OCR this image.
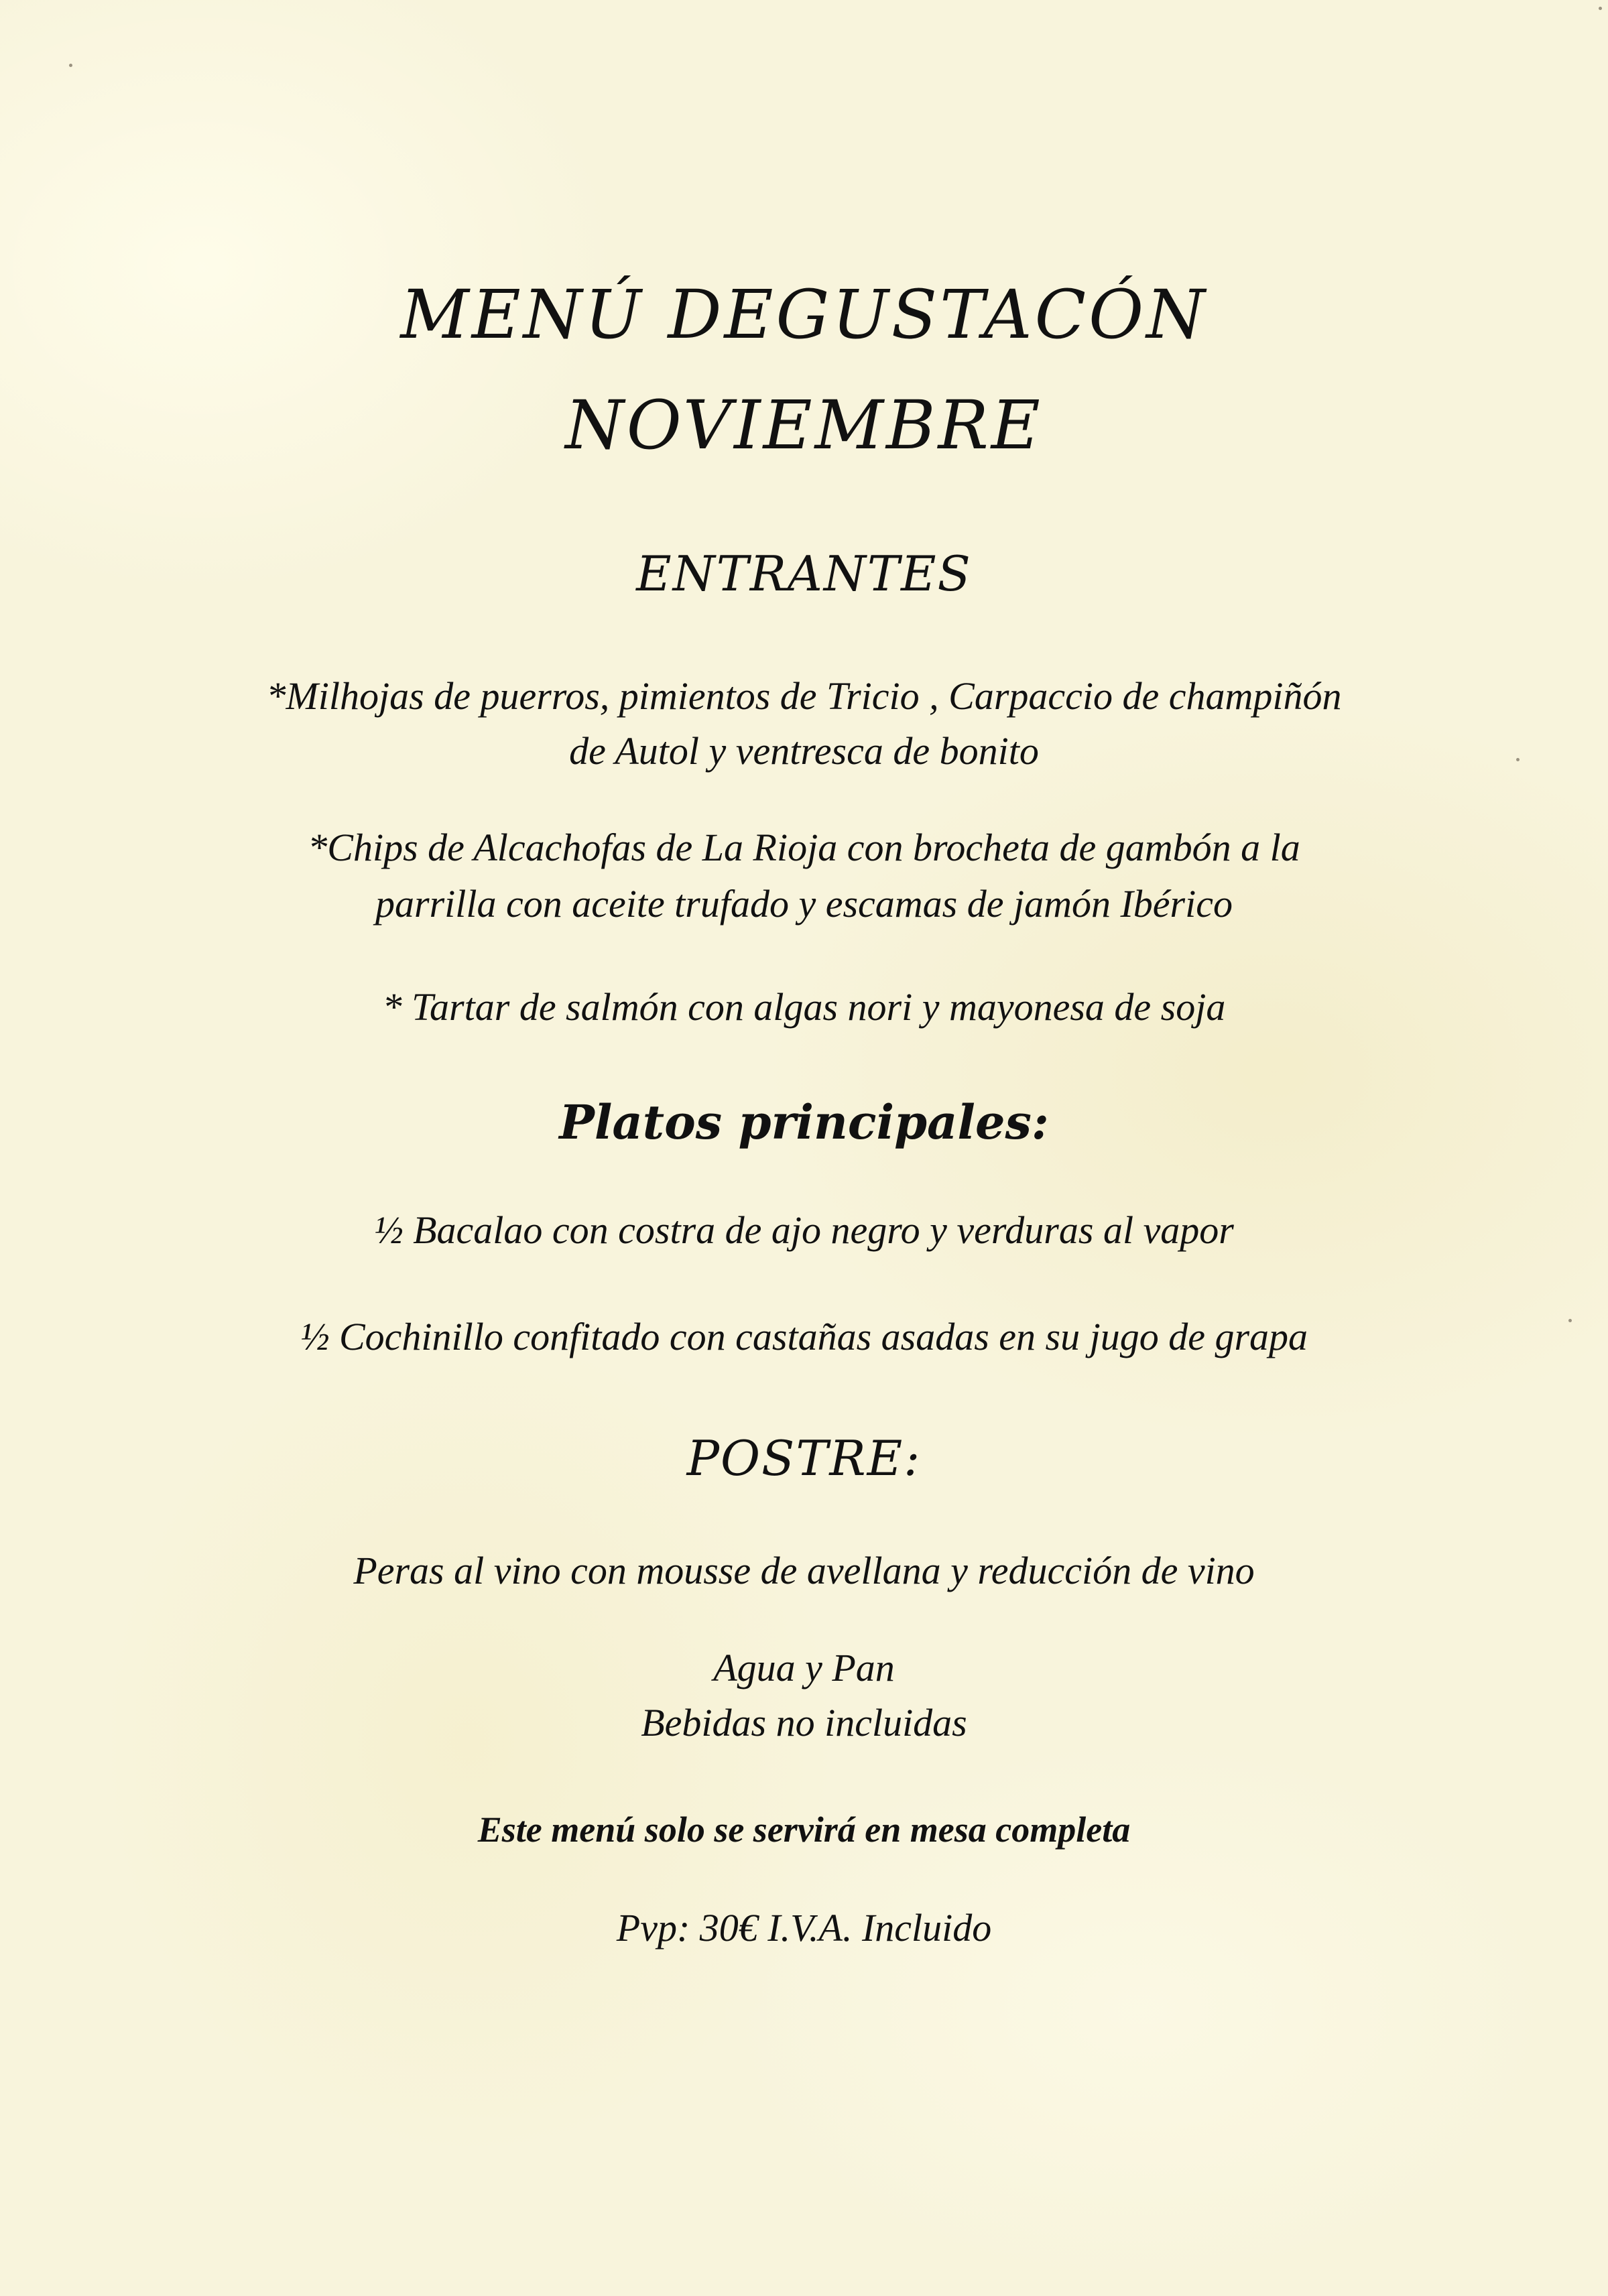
MENÚ DEGUSTACÓN
NOVIEMBRE
ENTRANTES
*Milhojas de puerros, pimientos de Tricio , Carpaccio de champiñón
de Autol y ventresca de bonito
*Chips de Alcachofas de La Rioja con brocheta de gambón a la
parrilla con aceite trufado y escamas de jamón Ibérico
* Tartar de salmón con algas nori y mayonesa de soja
Platos principales:
½ Bacalao con costra de ajo negro y verduras al vapor
½ Cochinillo confitado con castañas asadas en su jugo de grapa
POSTRE:
Peras al vino con mousse de avellana y reducción de vino
Agua y Pan
Bebidas no incluidas
Este menú solo se servirá en mesa completa
Pvp: 30€ I.V.A. Incluido
